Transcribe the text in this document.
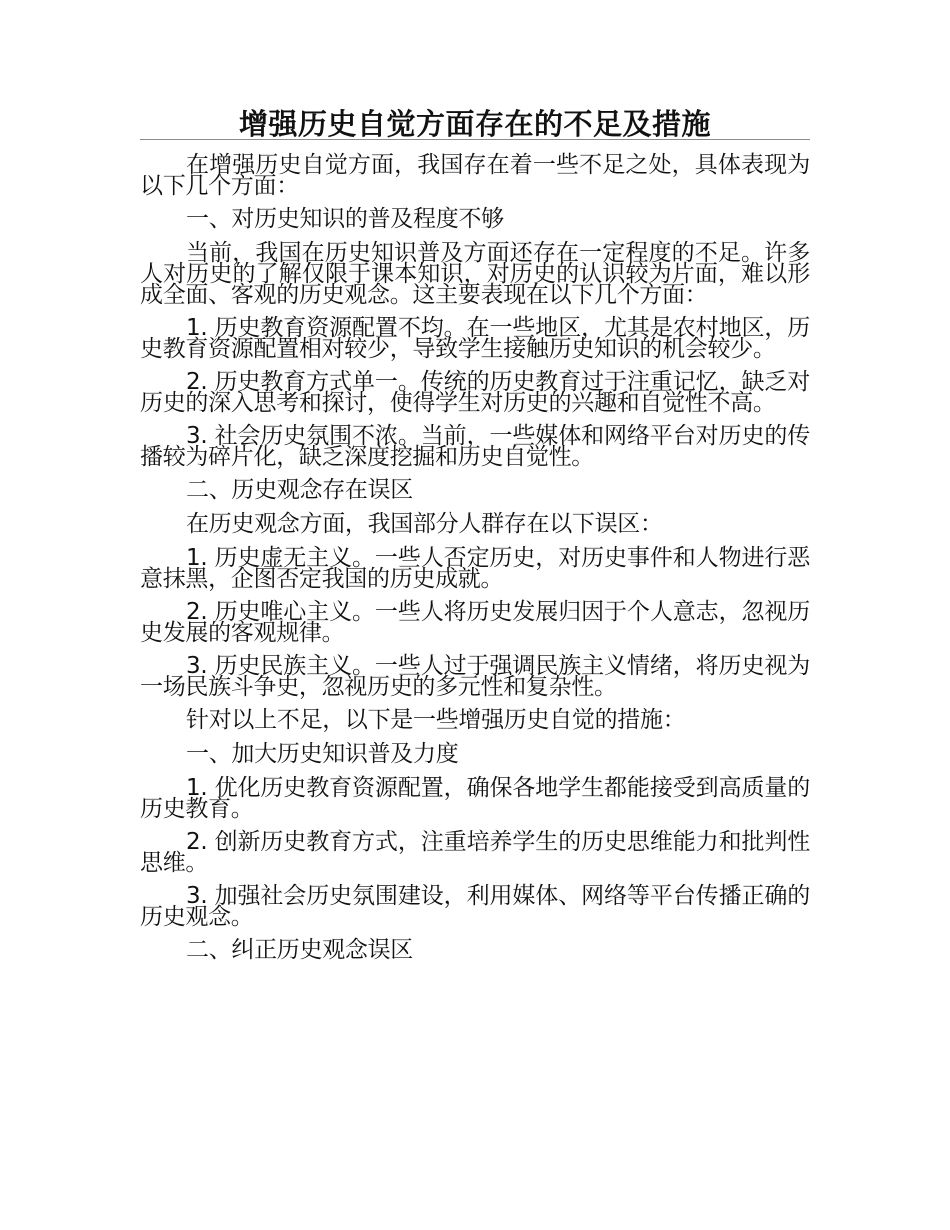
增强历史自觉方面存在的不足及措施

在增强历史自觉方面，我国存在着一些不足之处，具体表现为以下几个方面：

一、对历史知识的普及程度不够

当前，我国在历史知识普及方面还存在一定程度的不足。许多人对历史的了解仅限于课本知识，对历史的认识较为片面，难以形成全面、客观的历史观念。这主要表现在以下几个方面：

1. 历史教育资源配置不均。在一些地区，尤其是农村地区，历史教育资源配置相对较少，导致学生接触历史知识的机会较少。

2. 历史教育方式单一。传统的历史教育过于注重记忆，缺乏对历史的深入思考和探讨，使得学生对历史的兴趣和自觉性不高。

3. 社会历史氛围不浓。当前，一些媒体和网络平台对历史的传播较为碎片化，缺乏深度挖掘和历史自觉性。

二、历史观念存在误区

在历史观念方面，我国部分人群存在以下误区：

1. 历史虚无主义。一些人否定历史，对历史事件和人物进行恶意抹黑，企图否定我国的历史成就。

2. 历史唯心主义。一些人将历史发展归因于个人意志，忽视历史发展的客观规律。

3. 历史民族主义。一些人过于强调民族主义情绪，将历史视为一场民族斗争史，忽视历史的多元性和复杂性。

针对以上不足，以下是一些增强历史自觉的措施：

一、加大历史知识普及力度

1. 优化历史教育资源配置，确保各地学生都能接受到高质量的历史教育。

2. 创新历史教育方式，注重培养学生的历史思维能力和批判性思维。

3. 加强社会历史氛围建设，利用媒体、网络等平台传播正确的历史观念。

二、纠正历史观念误区
